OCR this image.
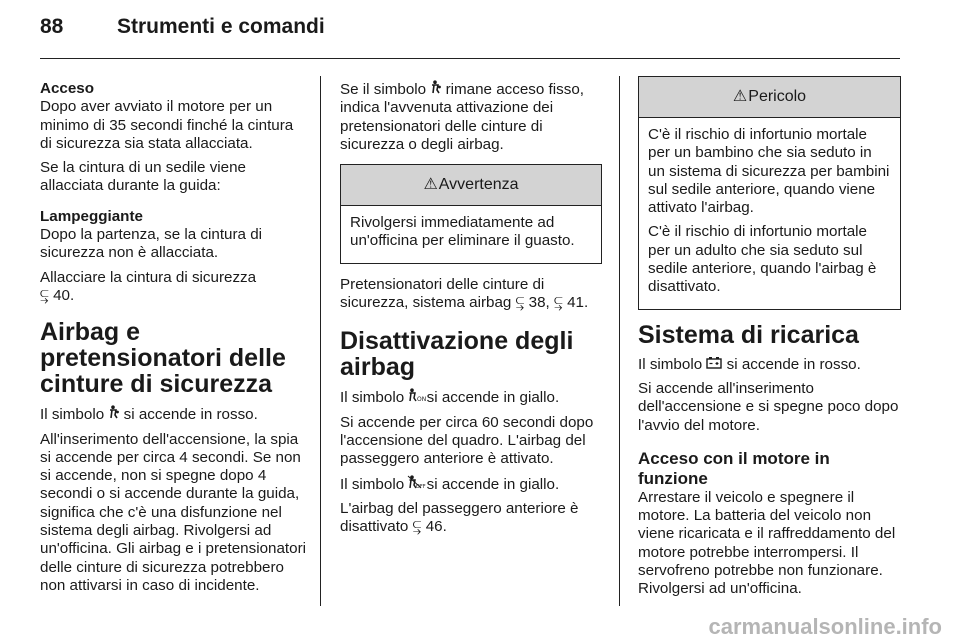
88	Strumenti e comandi

Acceso

Dopo aver avviato il motore per un minimo di 35 secondi finché la cintura di sicurezza sia stata allacciata.

Se la cintura di un sedile viene allacciata durante la guida:

Lampeggiante

Dopo la partenza, se la cintura di sicurezza non è allacciata.

Allacciare la cintura di sicurezza

⥹ 40.

Airbag e pretensionatori delle cinture di sicurezza

Il simbolo si accende in rosso.

All'inserimento dell'accensione, la spia si accende per circa 4 secondi. Se non si accende, non si spegne dopo 4 secondi o si accende durante la guida, significa che c'è una disfunzione nel sistema degli airbag. Rivolgersi ad un'officina. Gli airbag e i pretensionatori delle cinture di sicurezza potrebbero non attivarsi in caso di incidente.

Se il simbolo rimane acceso fisso, indica l'avvenuta attivazione dei pretensionatori delle cinture di sicurezza o degli airbag.

⚠Avvertenza

Rivolgersi immediatamente ad un'officina per eliminare il guasto.

Pretensionatori delle cinture di sicurezza, sistema airbag ⥹ 38, ⥹ 41.

Disattivazione degli airbag

Il simbolo ON si accende in giallo.

Si accende per circa 60 secondi dopo l'accensione del quadro. L'airbag del passeggero anteriore è attivato.

Il simbolo OFF si accende in giallo.

L'airbag del passeggero anteriore è disattivato ⥹ 46.

⚠Pericolo

C'è il rischio di infortunio mortale per un bambino che sia seduto in un sistema di sicurezza per bambini sul sedile anteriore, quando viene attivato l'airbag.

C'è il rischio di infortunio mortale per un adulto che sia seduto sul sedile anteriore, quando l'airbag è disattivato.

Sistema di ricarica

Il simbolo si accende in rosso.

Si accende all'inserimento dell'accensione e si spegne poco dopo l'avvio del motore.

Acceso con il motore in funzione

Arrestare il veicolo e spegnere il motore. La batteria del veicolo non viene ricaricata e il raffreddamento del motore potrebbe interrompersi. Il servofreno potrebbe non funzionare. Rivolgersi ad un'officina.

carmanualsonline.info
